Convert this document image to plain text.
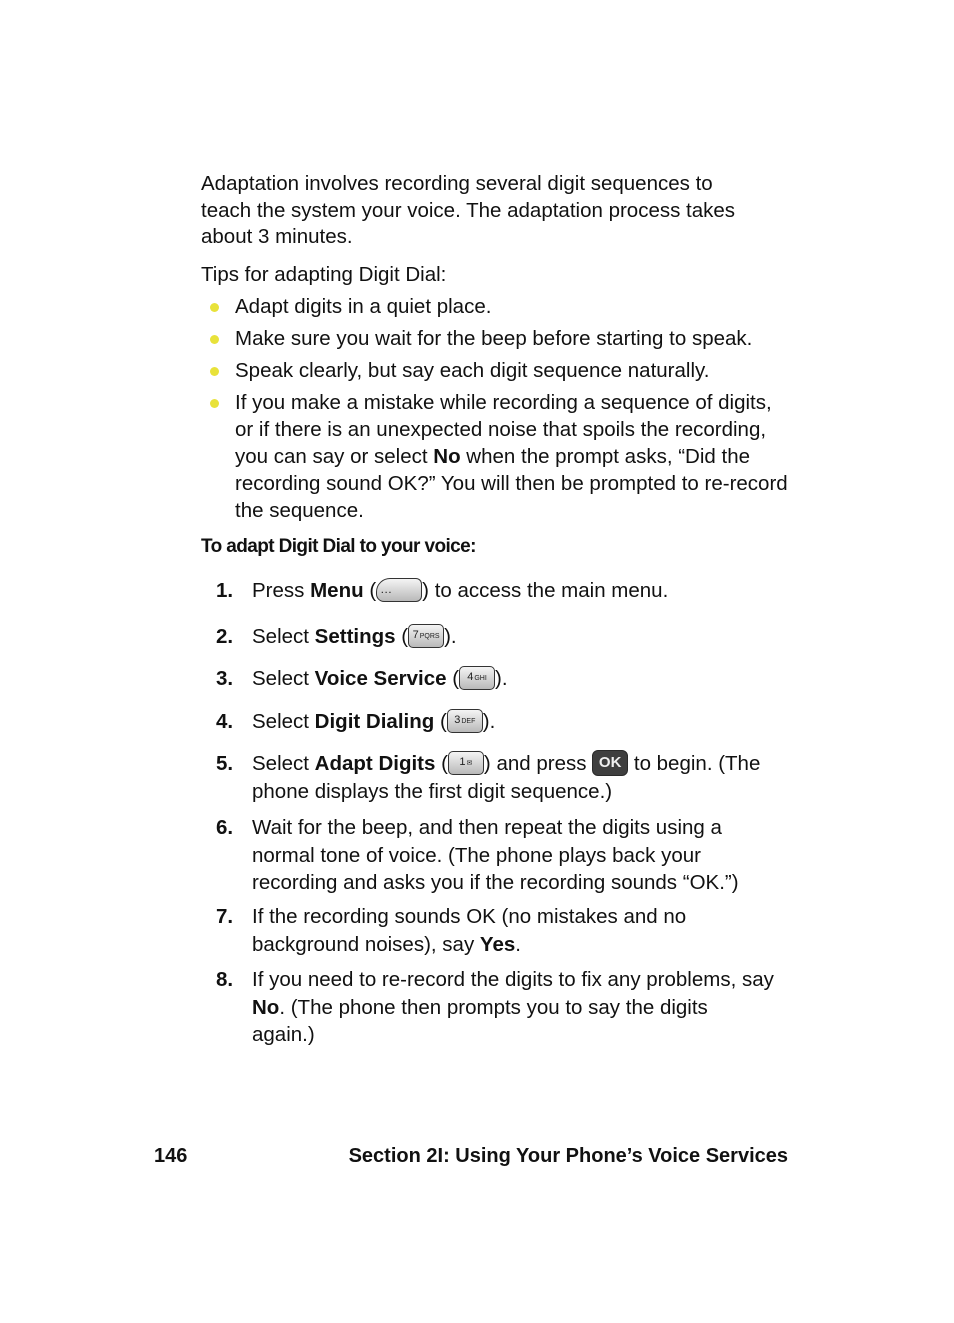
Adaptation involves recording several digit sequences to
teach the system your voice. The adaptation process takes
about 3 minutes.
Tips for adapting Digit Dial:
Adapt digits in a quiet place.
Make sure you wait for the beep before starting to speak.
Speak clearly, but say each digit sequence naturally.
If you make a mistake while recording a sequence of digits, or if there is an unexpected noise that spoils the recording, you can say or select No when the prompt asks, “Did the recording sound OK?” You will then be prompted to re-record the sequence.
To adapt Digit Dial to your voice:
1. Press Menu ( … ) to access the main menu.
2. Select Settings ( 7PQRS ).
3. Select Voice Service ( 4GHI ).
4. Select Digit Dialing ( 3DEF ).
5. Select Adapt Digits ( 1✉ ) and press OK to begin. (The phone displays the first digit sequence.)
6. Wait for the beep, and then repeat the digits using a normal tone of voice. (The phone plays back your recording and asks you if the recording sounds “OK.”)
7. If the recording sounds OK (no mistakes and no background noises), say Yes.
8. If you need to re-record the digits to fix any problems, say No. (The phone then prompts you to say the digits again.)
146	Section 2I: Using Your Phone’s Voice Services
